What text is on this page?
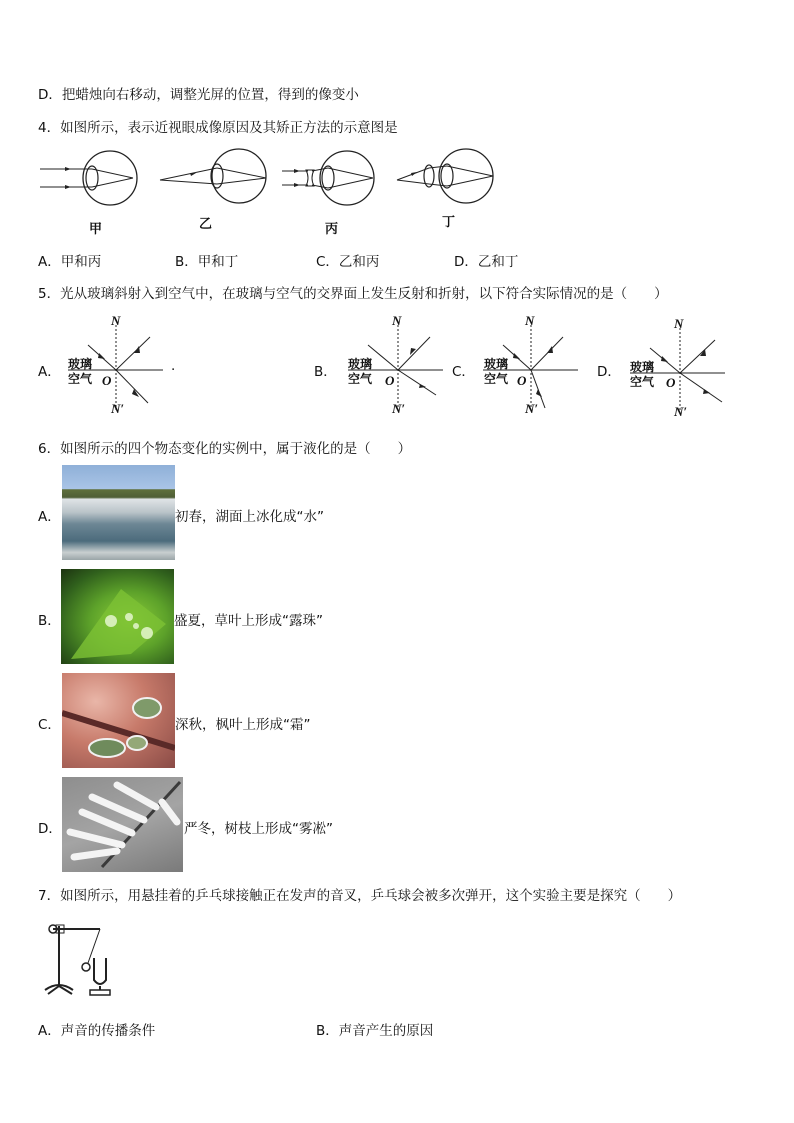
D．把蜡烛向右移动，调整光屏的位置，得到的像变小
4．如图所示，表示近视眼成像原因及其矫正方法的示意图是
甲	乙	丙	丁
A．甲和丙	B．甲和丁	C．乙和丙	D．乙和丁
5．光从玻璃斜射入到空气中，在玻璃与空气的交界面上发生反射和折射，以下符合实际情况的是（　　）
A． 玻璃
空气 O
N
N′
.	B． 玻璃
空气 O
N
N′
C． 玻璃
空气 O
N
N′
D． 玻璃
空气 O
N
N′
6．如图所示的四个物态变化的实例中，属于液化的是（　　）
A．	初春，湖面上冰化成“水”
B．	盛夏，草叶上形成“露珠”
C．	深秋，枫叶上形成“霜”
D．	严冬，树枝上形成“雾凇”
7．如图所示，用悬挂着的乒乓球接触正在发声的音叉，乒乓球会被多次弹开，这个实验主要是探究（　　）
A．声音的传播条件	B．声音产生的原因
